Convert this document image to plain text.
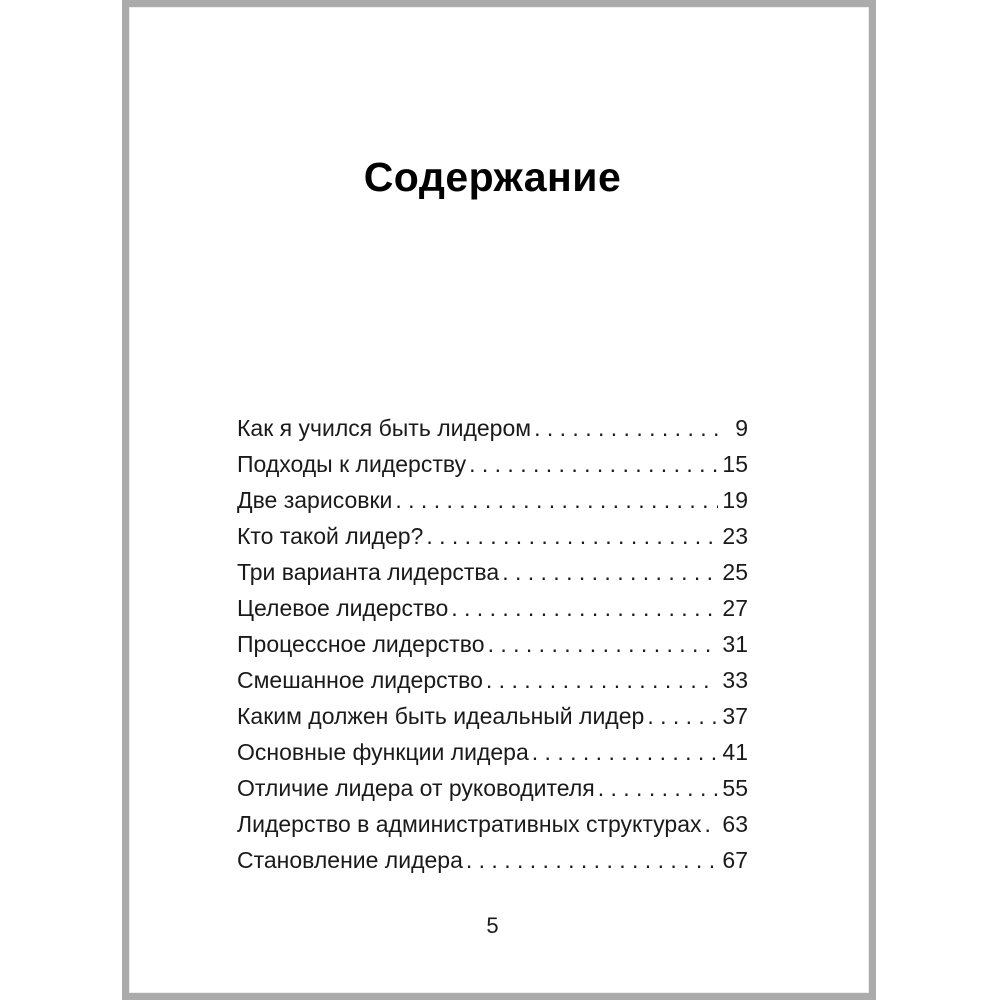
Содержание
Как я учился быть лидером . . .	9
Подходы к лидерству . . .	15
Две зарисовки . . .	19
Кто такой лидер? . . .	23
Три варианта лидерства . . .	25
Целевое лидерство . . .	27
Процессное лидерство . . .	31
Смешанное лидерство . . .	33
Каким должен быть идеальный лидер . . .	37
Основные функции лидера . . .	41
Отличие лидера от руководителя . . .	55
Лидерство в административных структурах . . . 63
Становление лидера . . .	67
5
